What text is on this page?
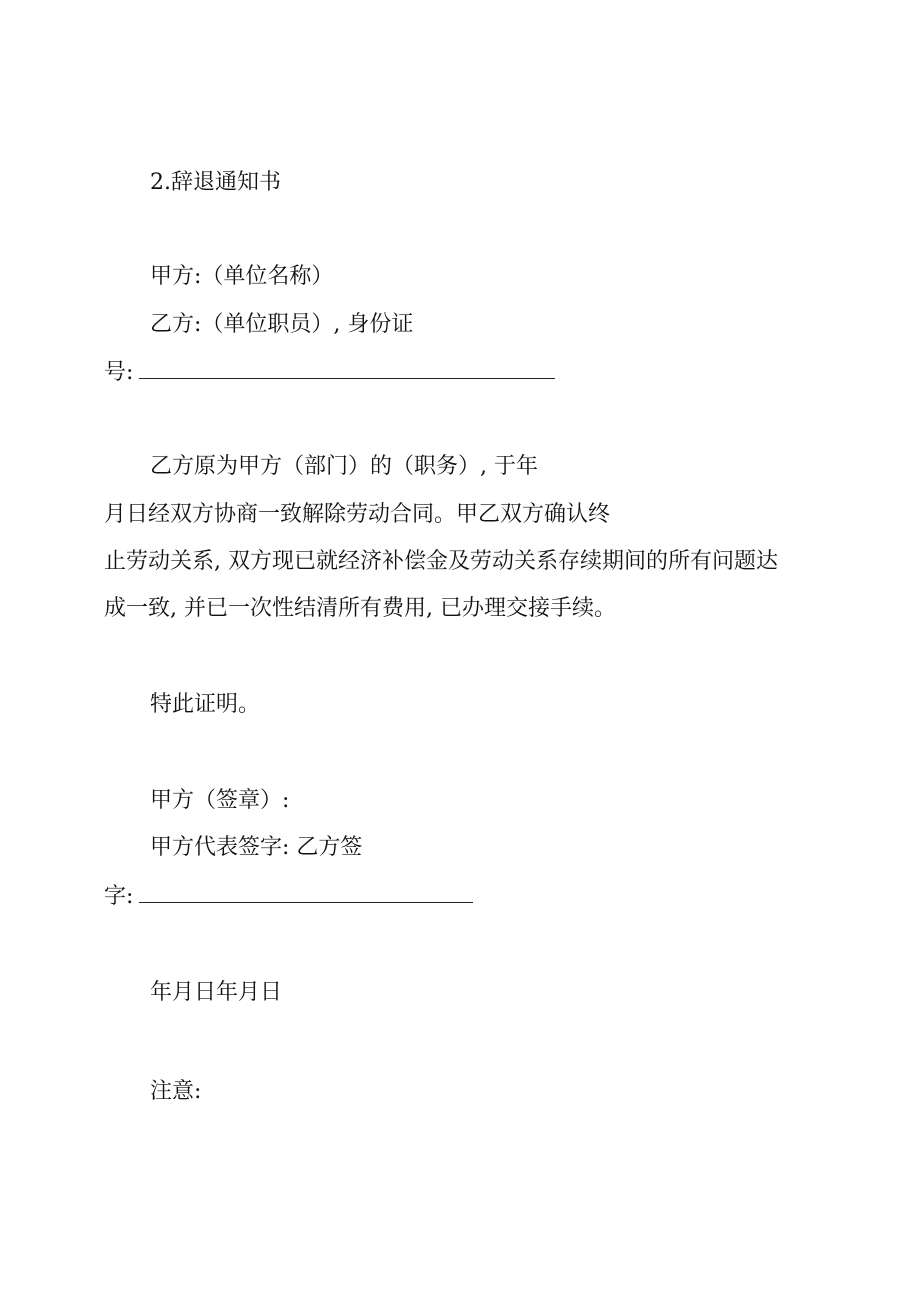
2.辞退通知书
甲方:（单位名称）
乙方:（单位职员）, 身份证
号:
乙方原为甲方（部门）的（职务）, 于年
月日经双方协商一致解除劳动合同。甲乙双方确认终
止劳动关系, 双方现已就经济补偿金及劳动关系存续期间的所有问题达
成一致, 并已一次性结清所有费用, 已办理交接手续。
特此证明。
甲方（签章）:
甲方代表签字: 乙方签
字:
年月日年月日
注意:
